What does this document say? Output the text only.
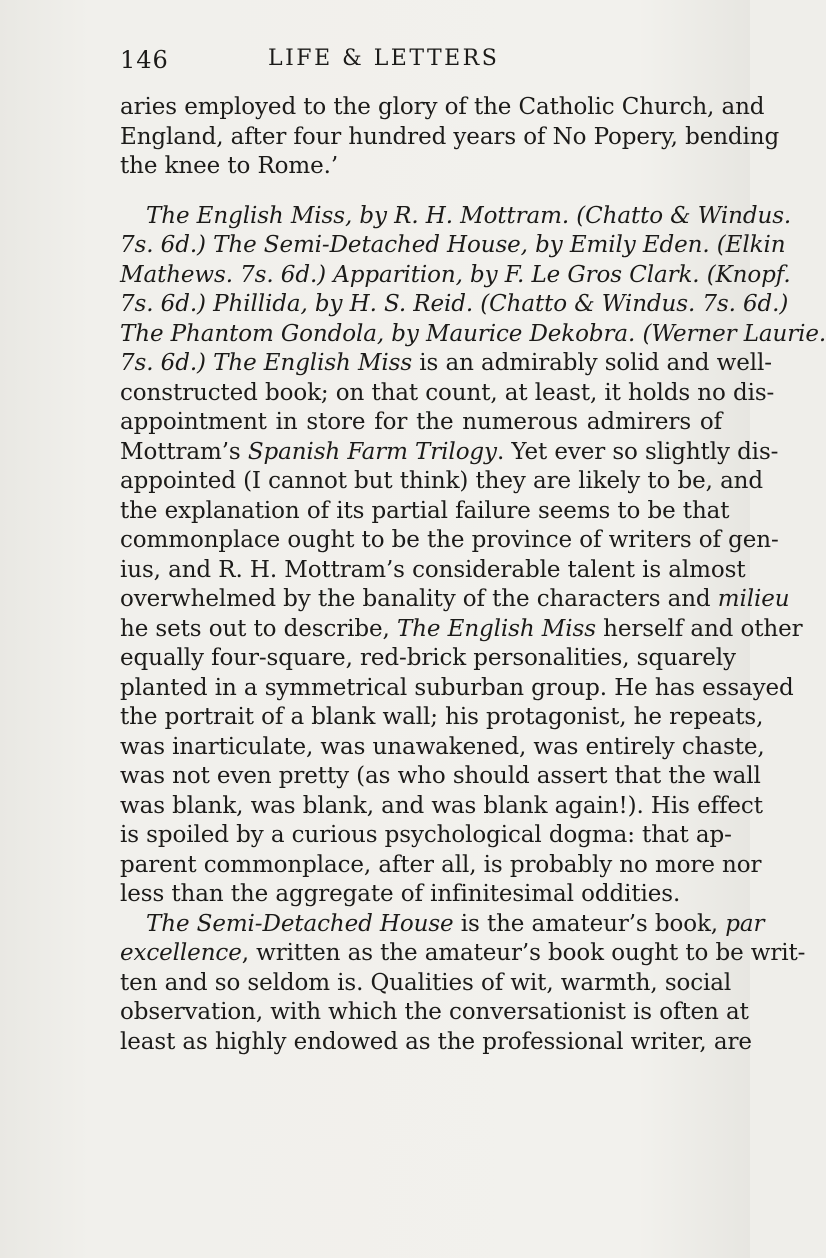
146	LIFE & LETTERS
aries employed to the glory of the Catholic Church, and
England, after four hundred years of No Popery, bending
the knee to Rome.’
The English Miss, by R. H. Mottram. (Chatto & Windus.
7s. 6d.) The Semi-Detached House, by Emily Eden. (Elkin
Mathews. 7s. 6d.) Apparition, by F. Le Gros Clark. (Knopf.
7s. 6d.) Phillida, by H. S. Reid. (Chatto & Windus. 7s. 6d.)
The Phantom Gondola, by Maurice Dekobra. (Werner Laurie.
7s. 6d.) The English Miss is an admirably solid and well-
constructed book; on that count, at least, it holds no dis-
appointment in store for the numerous admirers of
Mottram’s Spanish Farm Trilogy. Yet ever so slightly dis-
appointed (I cannot but think) they are likely to be, and
the explanation of its partial failure seems to be that
commonplace ought to be the province of writers of gen-
ius, and R. H. Mottram’s considerable talent is almost
overwhelmed by the banality of the characters and milieu
he sets out to describe, The English Miss herself and other
equally four-square, red-brick personalities, squarely
planted in a symmetrical suburban group. He has essayed
the portrait of a blank wall; his protagonist, he repeats,
was inarticulate, was unawakened, was entirely chaste,
was not even pretty (as who should assert that the wall
was blank, was blank, and was blank again!). His effect
is spoiled by a curious psychological dogma: that ap-
parent commonplace, after all, is probably no more nor
less than the aggregate of infinitesimal oddities.
The Semi-Detached House is the amateur’s book, par
excellence, written as the amateur’s book ought to be writ-
ten and so seldom is. Qualities of wit, warmth, social
observation, with which the conversationist is often at
least as highly endowed as the professional writer, are
